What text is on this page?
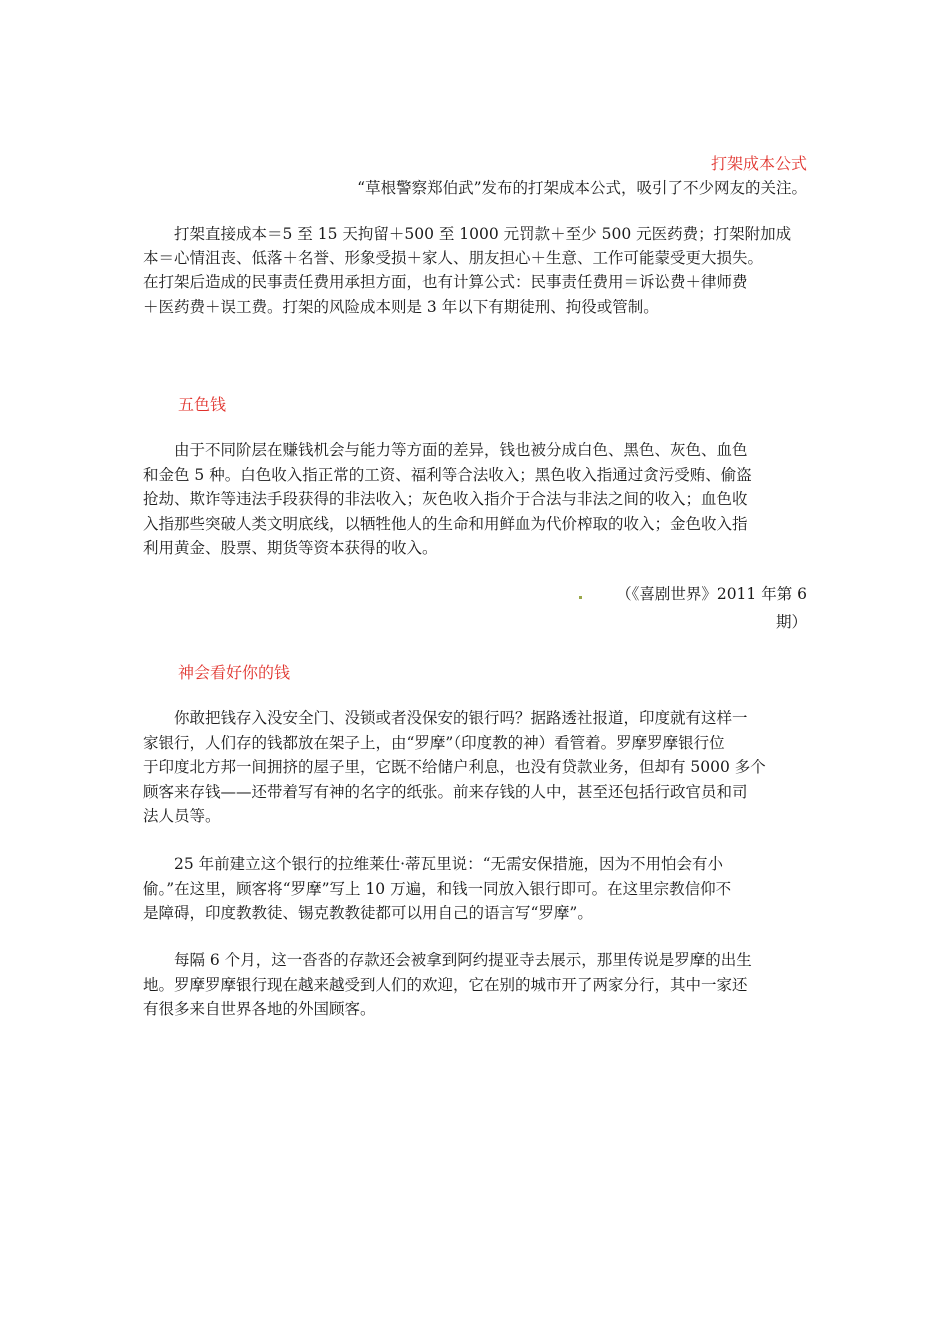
打架成本公式
“草根警察郑伯武”发布的打架成本公式，吸引了不少网友的关注。
　　打架直接成本＝5 至 15 天拘留＋500 至 1000 元罚款＋至少 500 元医药费；打架附加成
本＝心情沮丧、低落＋名誉、形象受损＋家人、朋友担心＋生意、工作可能蒙受更大损失。
在打架后造成的民事责任费用承担方面，也有计算公式：民事责任费用＝诉讼费＋律师费
＋医药费＋误工费。打架的风险成本则是 3 年以下有期徒刑、拘役或管制。
五色钱
　　由于不同阶层在赚钱机会与能力等方面的差异，钱也被分成白色、黑色、灰色、血色
和金色 5 种。白色收入指正常的工资、福利等合法收入；黑色收入指通过贪污受贿、偷盗
抢劫、欺诈等违法手段获得的非法收入；灰色收入指介于合法与非法之间的收入；血色收
入指那些突破人类文明底线，以牺牲他人的生命和用鲜血为代价榨取的收入；金色收入指
利用黄金、股票、期货等资本获得的收入。
（《喜剧世界》2011 年第 6
期）
神会看好你的钱
　　你敢把钱存入没安全门、没锁或者没保安的银行吗？据路透社报道，印度就有这样一
家银行，人们存的钱都放在架子上，由“罗摩”（印度教的神）看管着。罗摩罗摩银行位
于印度北方邦一间拥挤的屋子里，它既不给储户利息，也没有贷款业务，但却有 5000 多个
顾客来存钱——还带着写有神的名字的纸张。前来存钱的人中，甚至还包括行政官员和司
法人员等。
　　25 年前建立这个银行的拉维莱仕·蒂瓦里说：“无需安保措施，因为不用怕会有小
偷。”在这里，顾客将“罗摩”写上 10 万遍，和钱一同放入银行即可。在这里宗教信仰不
是障碍，印度教教徒、锡克教教徒都可以用自己的语言写“罗摩”。
　　每隔 6 个月，这一沓沓的存款还会被拿到阿约提亚寺去展示，那里传说是罗摩的出生
地。罗摩罗摩银行现在越来越受到人们的欢迎，它在别的城市开了两家分行，其中一家还
有很多来自世界各地的外国顾客。
